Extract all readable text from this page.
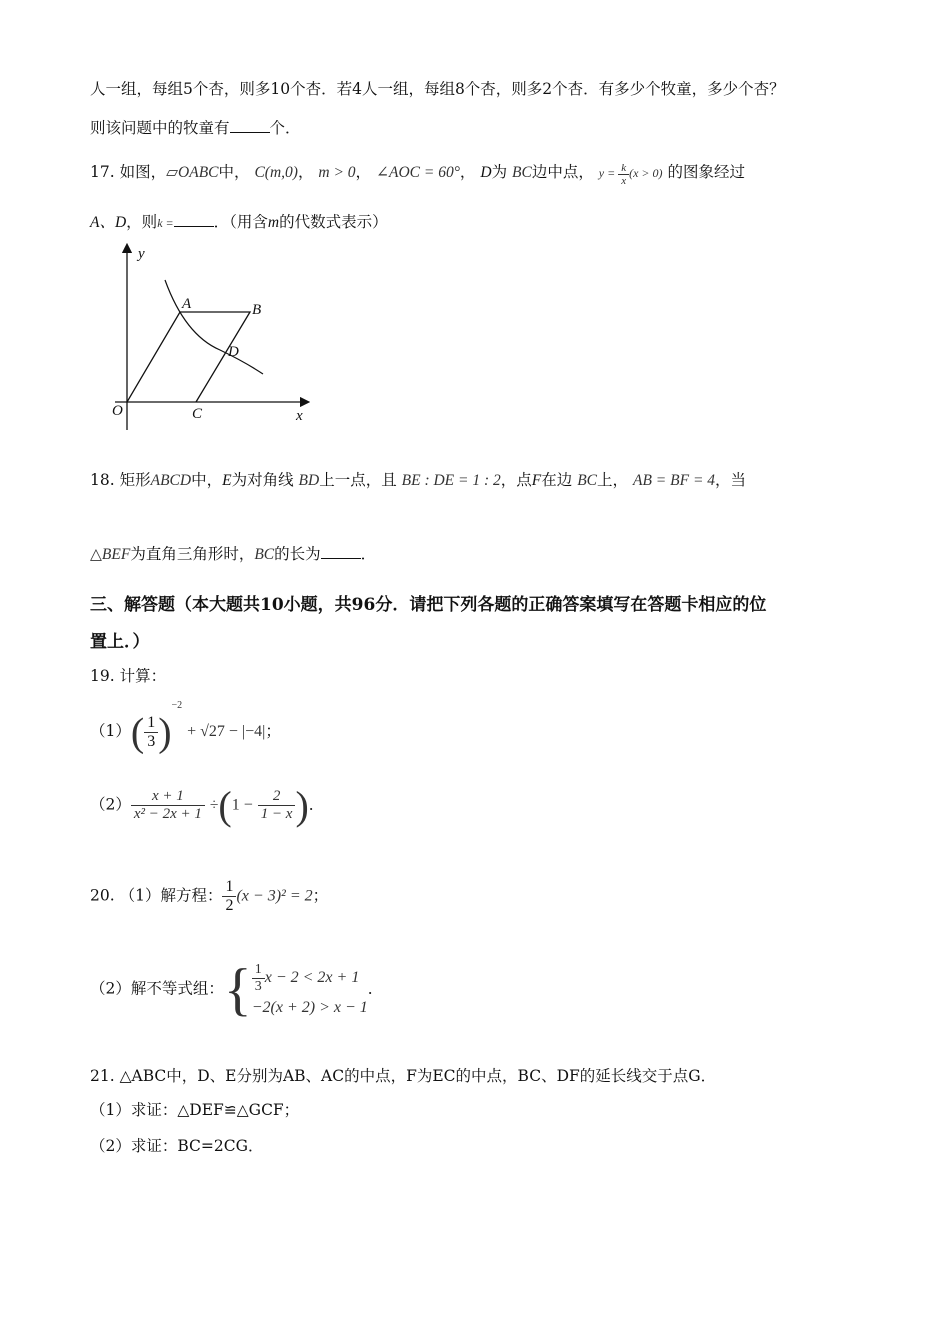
人一组，每组5个杏，则多10个杏．若4人一组，每组8个杏，则多2个杏．有多少个牧童，多少个杏？
则该问题中的牧童有	个．
17. 如图，▱OABC中， C(m,0)， m > 0， ∠AOC = 60°， D为 BC边中点， $y = \frac{k}{x} (x > 0)$ 的图象经过
A、D，则k =	．（用含m的代数式表示）
y
x
O
A	B
C
D
18. 矩形ABCD中，E为对角线 BD上一点，且 BE : DE = 1 : 2，点F在边 BC上， AB = BF = 4，当
△BEF为直角三角形时，BC的长为	．
三、解答题（本大题共10小题，共96分．请把下列各题的正确答案填写在答题卡相应的位
置上．）
19. 计算：
$(1)( \frac{1}{3} )^{-2} + √27 - |-4|$；
$(2) \frac{x + 1}{\text{x² − 2x + 1}} \div(1 - \frac{2}{1 - x}$ )．
20. （1）解方程： $\frac{1}{2} (x - 3)^2 = 2$；
（2）解不等式组：{ $\frac{1}{3}$ x − 2 < 2x + 1
−2(x + 2) > x − 1
．
21. △ABC中，D、E分别为AB、AC的中点，F为EC的中点，BC、DF的延长线交于点G．
（1）求证：△DEF≌△GCF；
（2）求证：BC=2CG．
